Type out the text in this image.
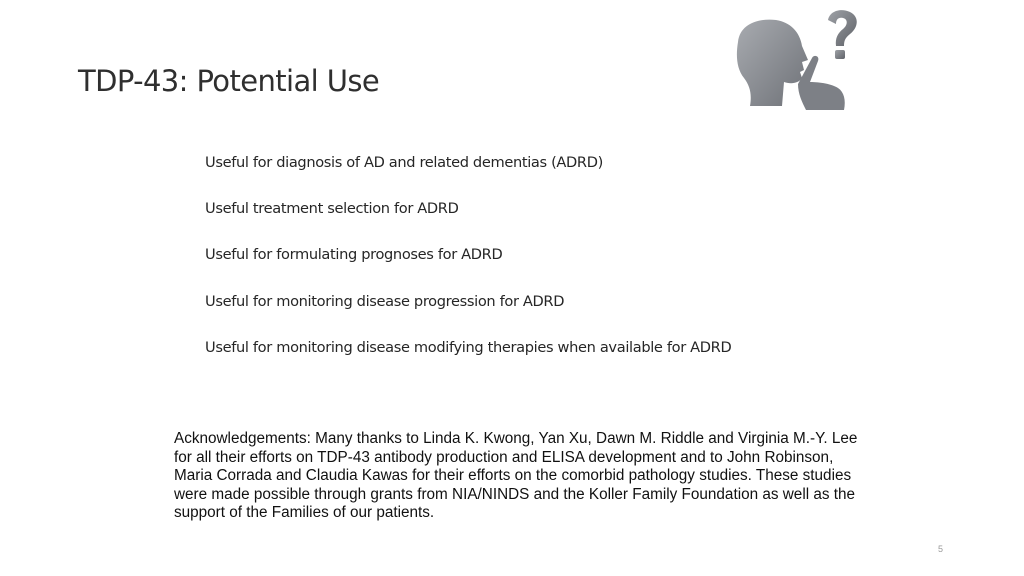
TDP-43: Potential Use
Useful for diagnosis of AD and related dementias (ADRD)
Useful treatment selection for ADRD
Useful for formulating prognoses for ADRD
Useful for monitoring disease progression for ADRD
Useful for monitoring disease modifying therapies when available for ADRD

Acknowledgements: Many thanks to Linda K. Kwong, Yan Xu, Dawn M. Riddle and Virginia M.-Y. Lee for all their efforts on TDP-43 antibody production and ELISA development and to John Robinson, Maria Corrada and Claudia Kawas for their efforts on the comorbid pathology studies. These studies were made possible through grants from NIA/NINDS and the Koller Family Foundation as well as the support of the Families of our patients.

5
